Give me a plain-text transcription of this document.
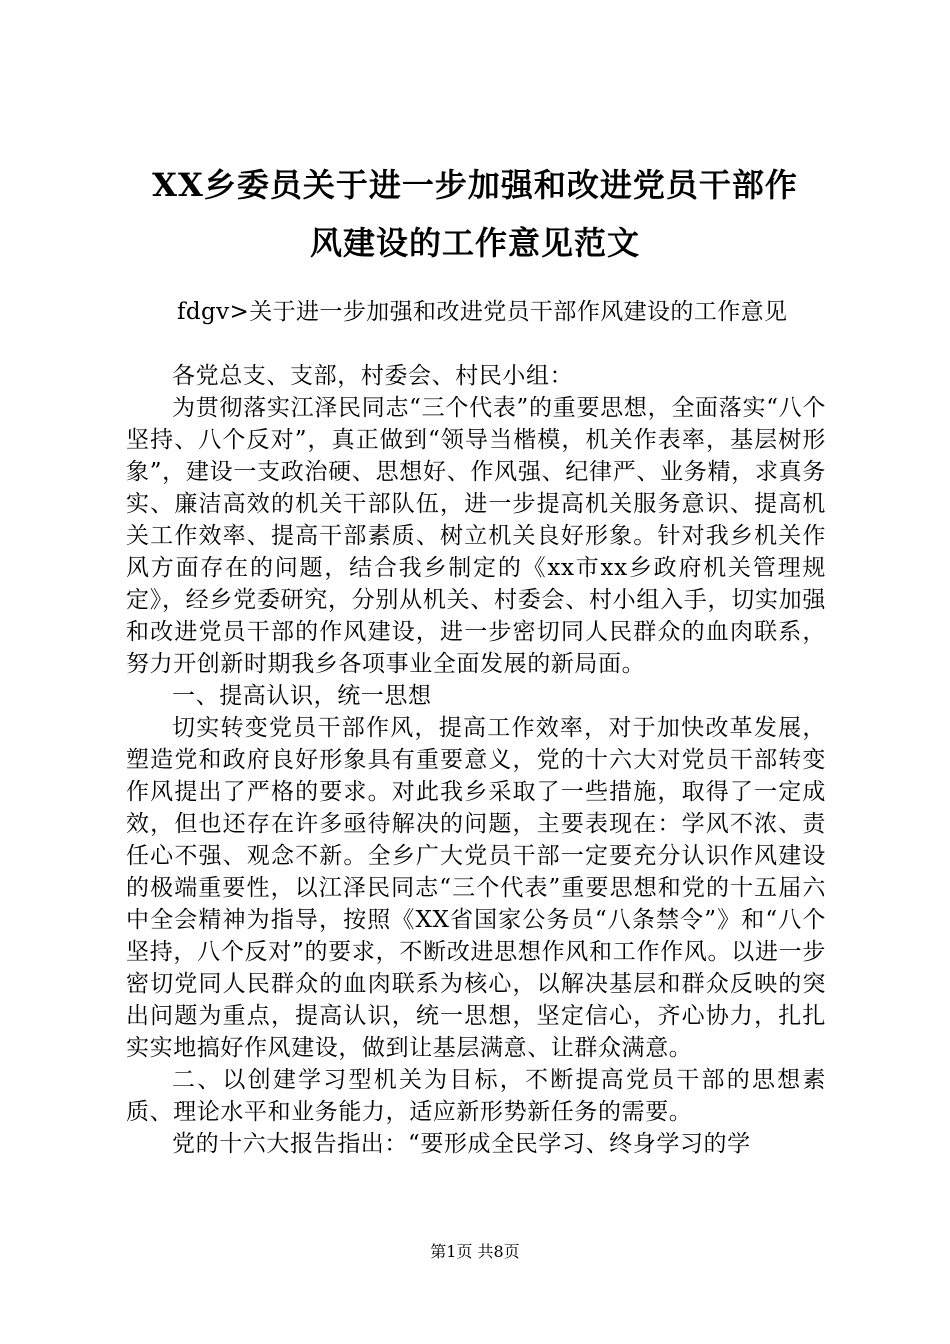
XX乡委员关于进一步加强和改进党员干部作
风建设的工作意见范文
fdgv>关于进一步加强和改进党员干部作风建设的工作意见

各党总支、支部，村委会、村民小组：

为贯彻落实江泽民同志“三个代表”的重要思想，全面落实“八个坚持、八个反对”，真正做到“领导当楷模，机关作表率，基层树形象”，建设一支政治硬、思想好、作风强、纪律严、业务精，求真务实、廉洁高效的机关干部队伍，进一步提高机关服务意识、提高机关工作效率、提高干部素质、树立机关良好形象。针对我乡机关作风方面存在的问题，结合我乡制定的《xx市xx乡政府机关管理规定》，经乡党委研究，分别从机关、村委会、村小组入手，切实加强和改进党员干部的作风建设，进一步密切同人民群众的血肉联系，努力开创新时期我乡各项事业全面发展的新局面。

一、提高认识，统一思想

切实转变党员干部作风，提高工作效率，对于加快改革发展，塑造党和政府良好形象具有重要意义，党的十六大对党员干部转变作风提出了严格的要求。对此我乡采取了一些措施，取得了一定成效，但也还存在许多亟待解决的问题，主要表现在：学风不浓、责任心不强、观念不新。全乡广大党员干部一定要充分认识作风建设的极端重要性，以江泽民同志“三个代表”重要思想和党的十五届六中全会精神为指导，按照《XX省国家公务员“八条禁令”》和“八个坚持，八个反对”的要求，不断改进思想作风和工作作风。以进一步密切党同人民群众的血肉联系为核心，以解决基层和群众反映的突出问题为重点，提高认识，统一思想，坚定信心，齐心协力，扎扎实实地搞好作风建设，做到让基层满意、让群众满意。

二、以创建学习型机关为目标，不断提高党员干部的思想素质、理论水平和业务能力，适应新形势新任务的需要。

党的十六大报告指出：“要形成全民学习、终身学习的学

第1页 共8页
